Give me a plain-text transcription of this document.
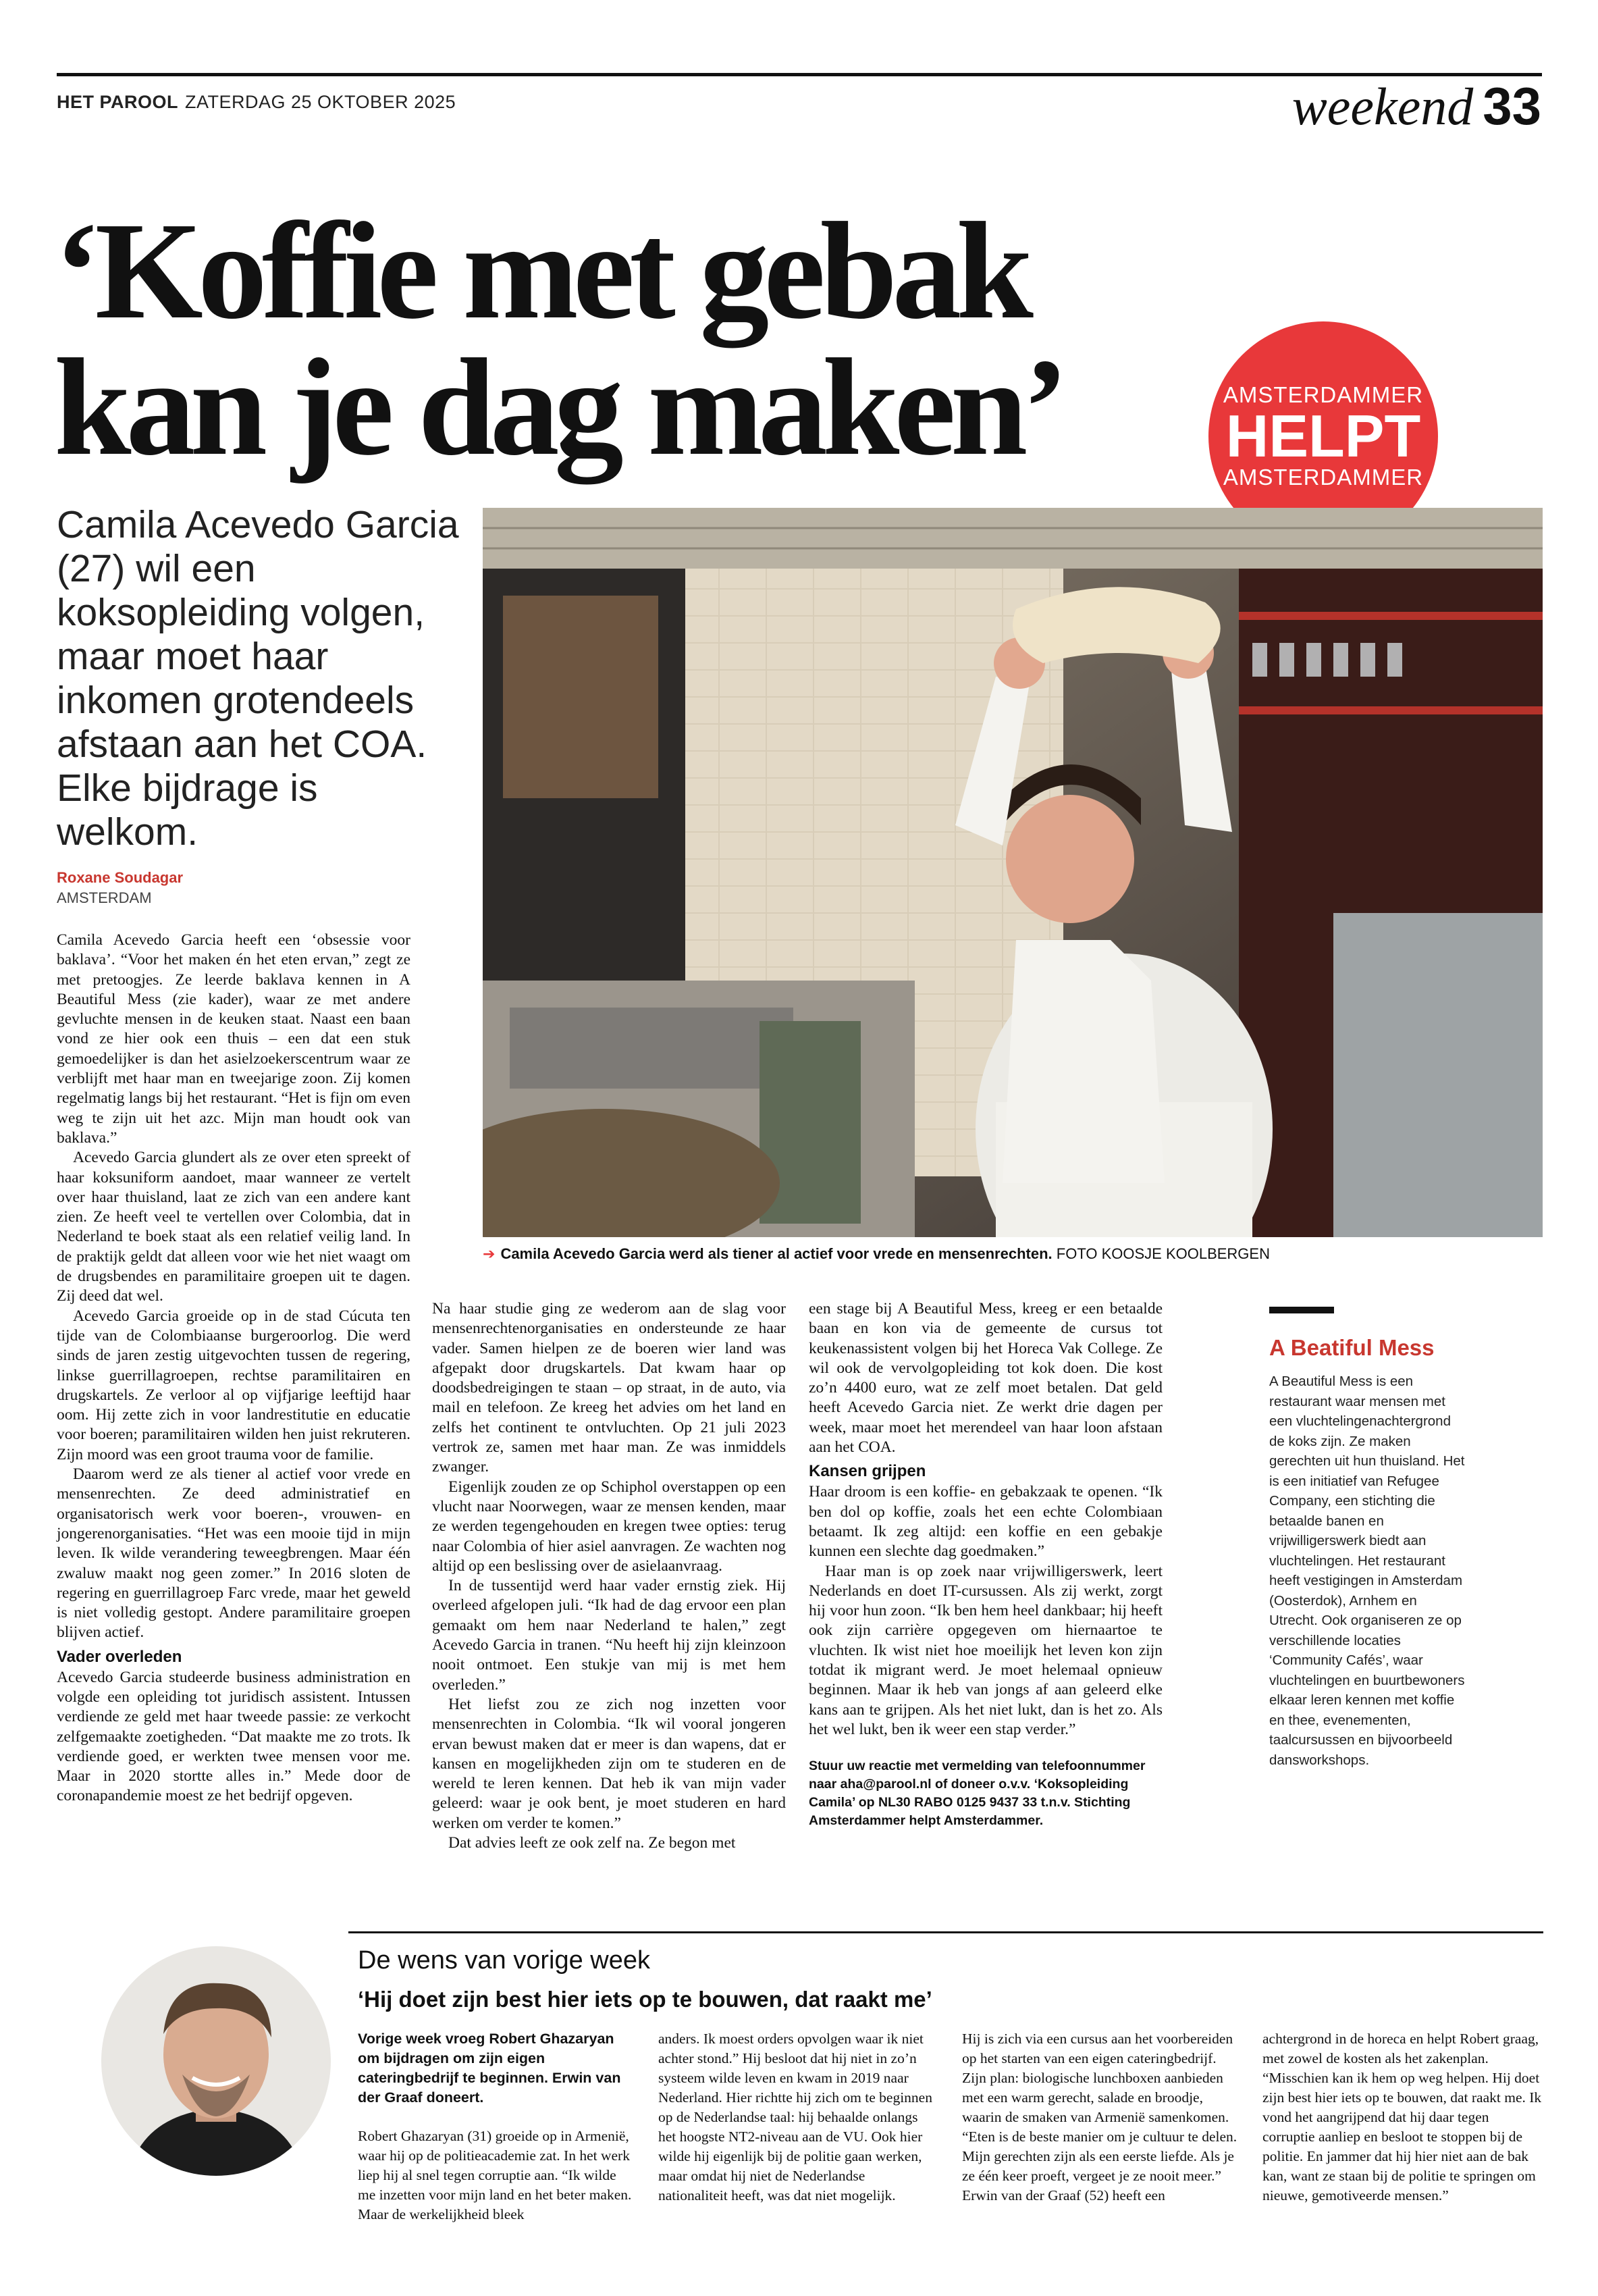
HET PAROOL ZATERDAG 25 OKTOBER 2025	weekend 33
‘Koffie met gebak
kan je dag maken’	AMSTERDAMMER
HELPT
AMSTERDAMMER
Camila Acevedo Garcia (27) wil een koksopleiding volgen, maar moet haar inkomen grotendeels afstaan aan het COA. Elke bijdrage is welkom.
➔ Camila Acevedo Garcia werd als tiener al actief voor vrede en mensenrechten. FOTO KOOSJE KOOLBERGEN
Roxane Soudagar
AMSTERDAM

Camila Acevedo Garcia heeft een ‘obsessie voor baklava’. “Voor het maken én het eten ervan,” zegt ze met pretoogjes. Ze leerde baklava kennen in A Beautiful Mess (zie kader), waar ze met andere gevluchte mensen in de keuken staat. Naast een baan vond ze hier ook een thuis – een dat een stuk gemoedelijker is dan het asielzoekerscentrum waar ze verblijft met haar man en tweejarige zoon. Zij komen regelmatig langs bij het restaurant. “Het is fijn om even weg te zijn uit het azc. Mijn man houdt ook van baklava.”

Acevedo Garcia glundert als ze over eten spreekt of haar koksuniform aandoet, maar wanneer ze vertelt over haar thuisland, laat ze zich van een andere kant zien. Ze heeft veel te vertellen over Colombia, dat in Nederland te boek staat als een relatief veilig land. In de praktijk geldt dat alleen voor wie het niet waagt om de drugsbendes en paramilitaire groepen uit te dagen. Zij deed dat wel.

Acevedo Garcia groeide op in de stad Cúcuta ten tijde van de Colombiaanse burgeroorlog. Die werd sinds de jaren zestig uitgevochten tussen de regering, linkse guerrillagroepen, rechtse paramilitairen en drugskartels. Ze verloor al op vijfjarige leeftijd haar oom. Hij zette zich in voor landrestitutie en educatie voor boeren; paramilitairen wilden hen juist rekruteren. Zijn moord was een groot trauma voor de familie.

Daarom werd ze als tiener al actief voor vrede en mensenrechten. Ze deed administratief en organisatorisch werk voor boeren-, vrouwen- en jongerenorganisaties. “Het was een mooie tijd in mijn leven. Ik wilde verandering teweegbrengen. Maar één zwaluw maakt nog geen zomer.” In 2016 sloten de regering en guerrillagroep Farc vrede, maar het geweld is niet volledig gestopt. Andere paramilitaire groepen blijven actief.

Vader overleden

Acevedo Garcia studeerde business administration en volgde een opleiding tot juridisch assistent. Intussen verdiende ze geld met haar tweede passie: ze verkocht zelfgemaakte zoetigheden. “Dat maakte me zo trots. Ik verdiende goed, er werkten twee mensen voor me. Maar in 2020 stortte alles in.” Mede door de coronapandemie moest ze het bedrijf opgeven.

Na haar studie ging ze wederom aan de slag voor mensenrechtenorganisaties en ondersteunde ze haar vader. Samen hielpen ze de boeren wier land was afgepakt door drugskartels. Dat kwam haar op doodsbedreigingen te staan – op straat, in de auto, via mail en telefoon. Ze kreeg het advies om het land en zelfs het continent te ontvluchten. Op 21 juli 2023 vertrok ze, samen met haar man. Ze was inmiddels zwanger.

Eigenlijk zouden ze op Schiphol overstappen op een vlucht naar Noorwegen, waar ze mensen kenden, maar ze werden tegengehouden en kregen twee opties: terug naar Colombia of hier asiel aanvragen. Ze wachten nog altijd op een beslissing over de asielaanvraag.

In de tussentijd werd haar vader ernstig ziek. Hij overleed afgelopen juli. “Ik had de dag ervoor een plan gemaakt om hem naar Nederland te halen,” zegt Acevedo Garcia in tranen. “Nu heeft hij zijn kleinzoon nooit ontmoet. Een stukje van mij is met hem overleden.”

Het liefst zou ze zich nog inzetten voor mensenrechten in Colombia. “Ik wil vooral jongeren ervan bewust maken dat er meer is dan wapens, dat er kansen en mogelijkheden zijn om te studeren en de wereld te leren kennen. Dat heb ik van mijn vader geleerd: waar je ook bent, je moet studeren en hard werken om verder te komen.”

Dat advies leeft ze ook zelf na. Ze begon met

een stage bij A Beautiful Mess, kreeg er een betaalde baan en kon via de gemeente de cursus tot keukenassistent volgen bij het Horeca Vak College. Ze wil ook de vervolgopleiding tot kok doen. Die kost zo’n 4400 euro, wat ze zelf moet betalen. Dat geld heeft Acevedo Garcia niet. Ze werkt drie dagen per week, maar moet het merendeel van haar loon afstaan aan het COA.

Kansen grijpen

Haar droom is een koffie- en gebakzaak te openen. “Ik ben dol op koffie, zoals het een echte Colombiaan betaamt. Ik zeg altijd: een koffie en een gebakje kunnen een slechte dag goedmaken.”

Haar man is op zoek naar vrijwilligerswerk, leert Nederlands en doet IT-cursussen. Als zij werkt, zorgt hij voor hun zoon. “Ik ben hem heel dankbaar; hij heeft ook zijn carrière opgegeven om hiernaartoe te vluchten. Ik wist niet hoe moeilijk het leven kon zijn totdat ik migrant werd. Je moet helemaal opnieuw beginnen. Maar ik heb van jongs af aan geleerd elke kans aan te grijpen. Als het niet lukt, dan is het zo. Als het wel lukt, ben ik weer een stap verder.”

Stuur uw reactie met vermelding van telefoonnummer naar aha@parool.nl of doneer o.v.v. ‘Koksopleiding Camila’ op NL30 RABO 0125 9437 33 t.n.v. Stichting Amsterdammer helpt Amsterdammer.
A Beatiful Mess

A Beautiful Mess is een restaurant waar mensen met een vluchtelingenachtergrond de koks zijn. Ze maken gerechten uit hun thuisland. Het is een initiatief van Refugee Company, een stichting die betaalde banen en vrijwilligerswerk biedt aan vluchtelingen. Het restaurant heeft vestigingen in Amsterdam (Oosterdok), Arnhem en Utrecht. Ook organiseren ze op verschillende locaties ‘Community Cafés’, waar vluchtelingen en buurtbewoners elkaar leren kennen met koffie en thee, evenementen, taalcursussen en bijvoorbeeld dansworkshops.

De wens van vorige week
‘Hij doet zijn best hier iets op te bouwen, dat raakt me’

Vorige week vroeg Robert Ghazaryan om bijdragen om zijn eigen cateringbedrijf te beginnen. Erwin van der Graaf doneert.

Robert Ghazaryan (31) groeide op in Armenië, waar hij op de politieacademie zat. In het werk liep hij al snel tegen corruptie aan. “Ik wilde me inzetten voor mijn land en het beter maken. Maar de werkelijkheid bleek

anders. Ik moest orders opvolgen waar ik niet achter stond.” Hij besloot dat hij niet in zo’n systeem wilde leven en kwam in 2019 naar Nederland. Hier richtte hij zich om te beginnen op de Nederlandse taal: hij behaalde onlangs het hoogste NT2-niveau aan de VU. Ook hier wilde hij eigenlijk bij de politie gaan werken, maar omdat hij niet de Nederlandse nationaliteit heeft, was dat niet mogelijk.

Hij is zich via een cursus aan het voorbereiden op het starten van een eigen cateringbedrijf. Zijn plan: biologische lunchboxen aanbieden met een warm gerecht, salade en broodje, waarin de smaken van Armenië samenkomen. “Eten is de beste manier om je cultuur te delen. Mijn gerechten zijn als een eerste liefde. Als je ze één keer proeft, vergeet je ze nooit meer.” Erwin van der Graaf (52) heeft een

achtergrond in de horeca en helpt Robert graag, met zowel de kosten als het zakenplan. “Misschien kan ik hem op weg helpen. Hij doet zijn best hier iets op te bouwen, dat raakt me. Ik vond het aangrijpend dat hij daar tegen corruptie aanliep en besloot te stoppen bij de politie. En jammer dat hij hier niet aan de bak kan, want ze staan bij de politie te springen om nieuwe, gemotiveerde mensen.”
